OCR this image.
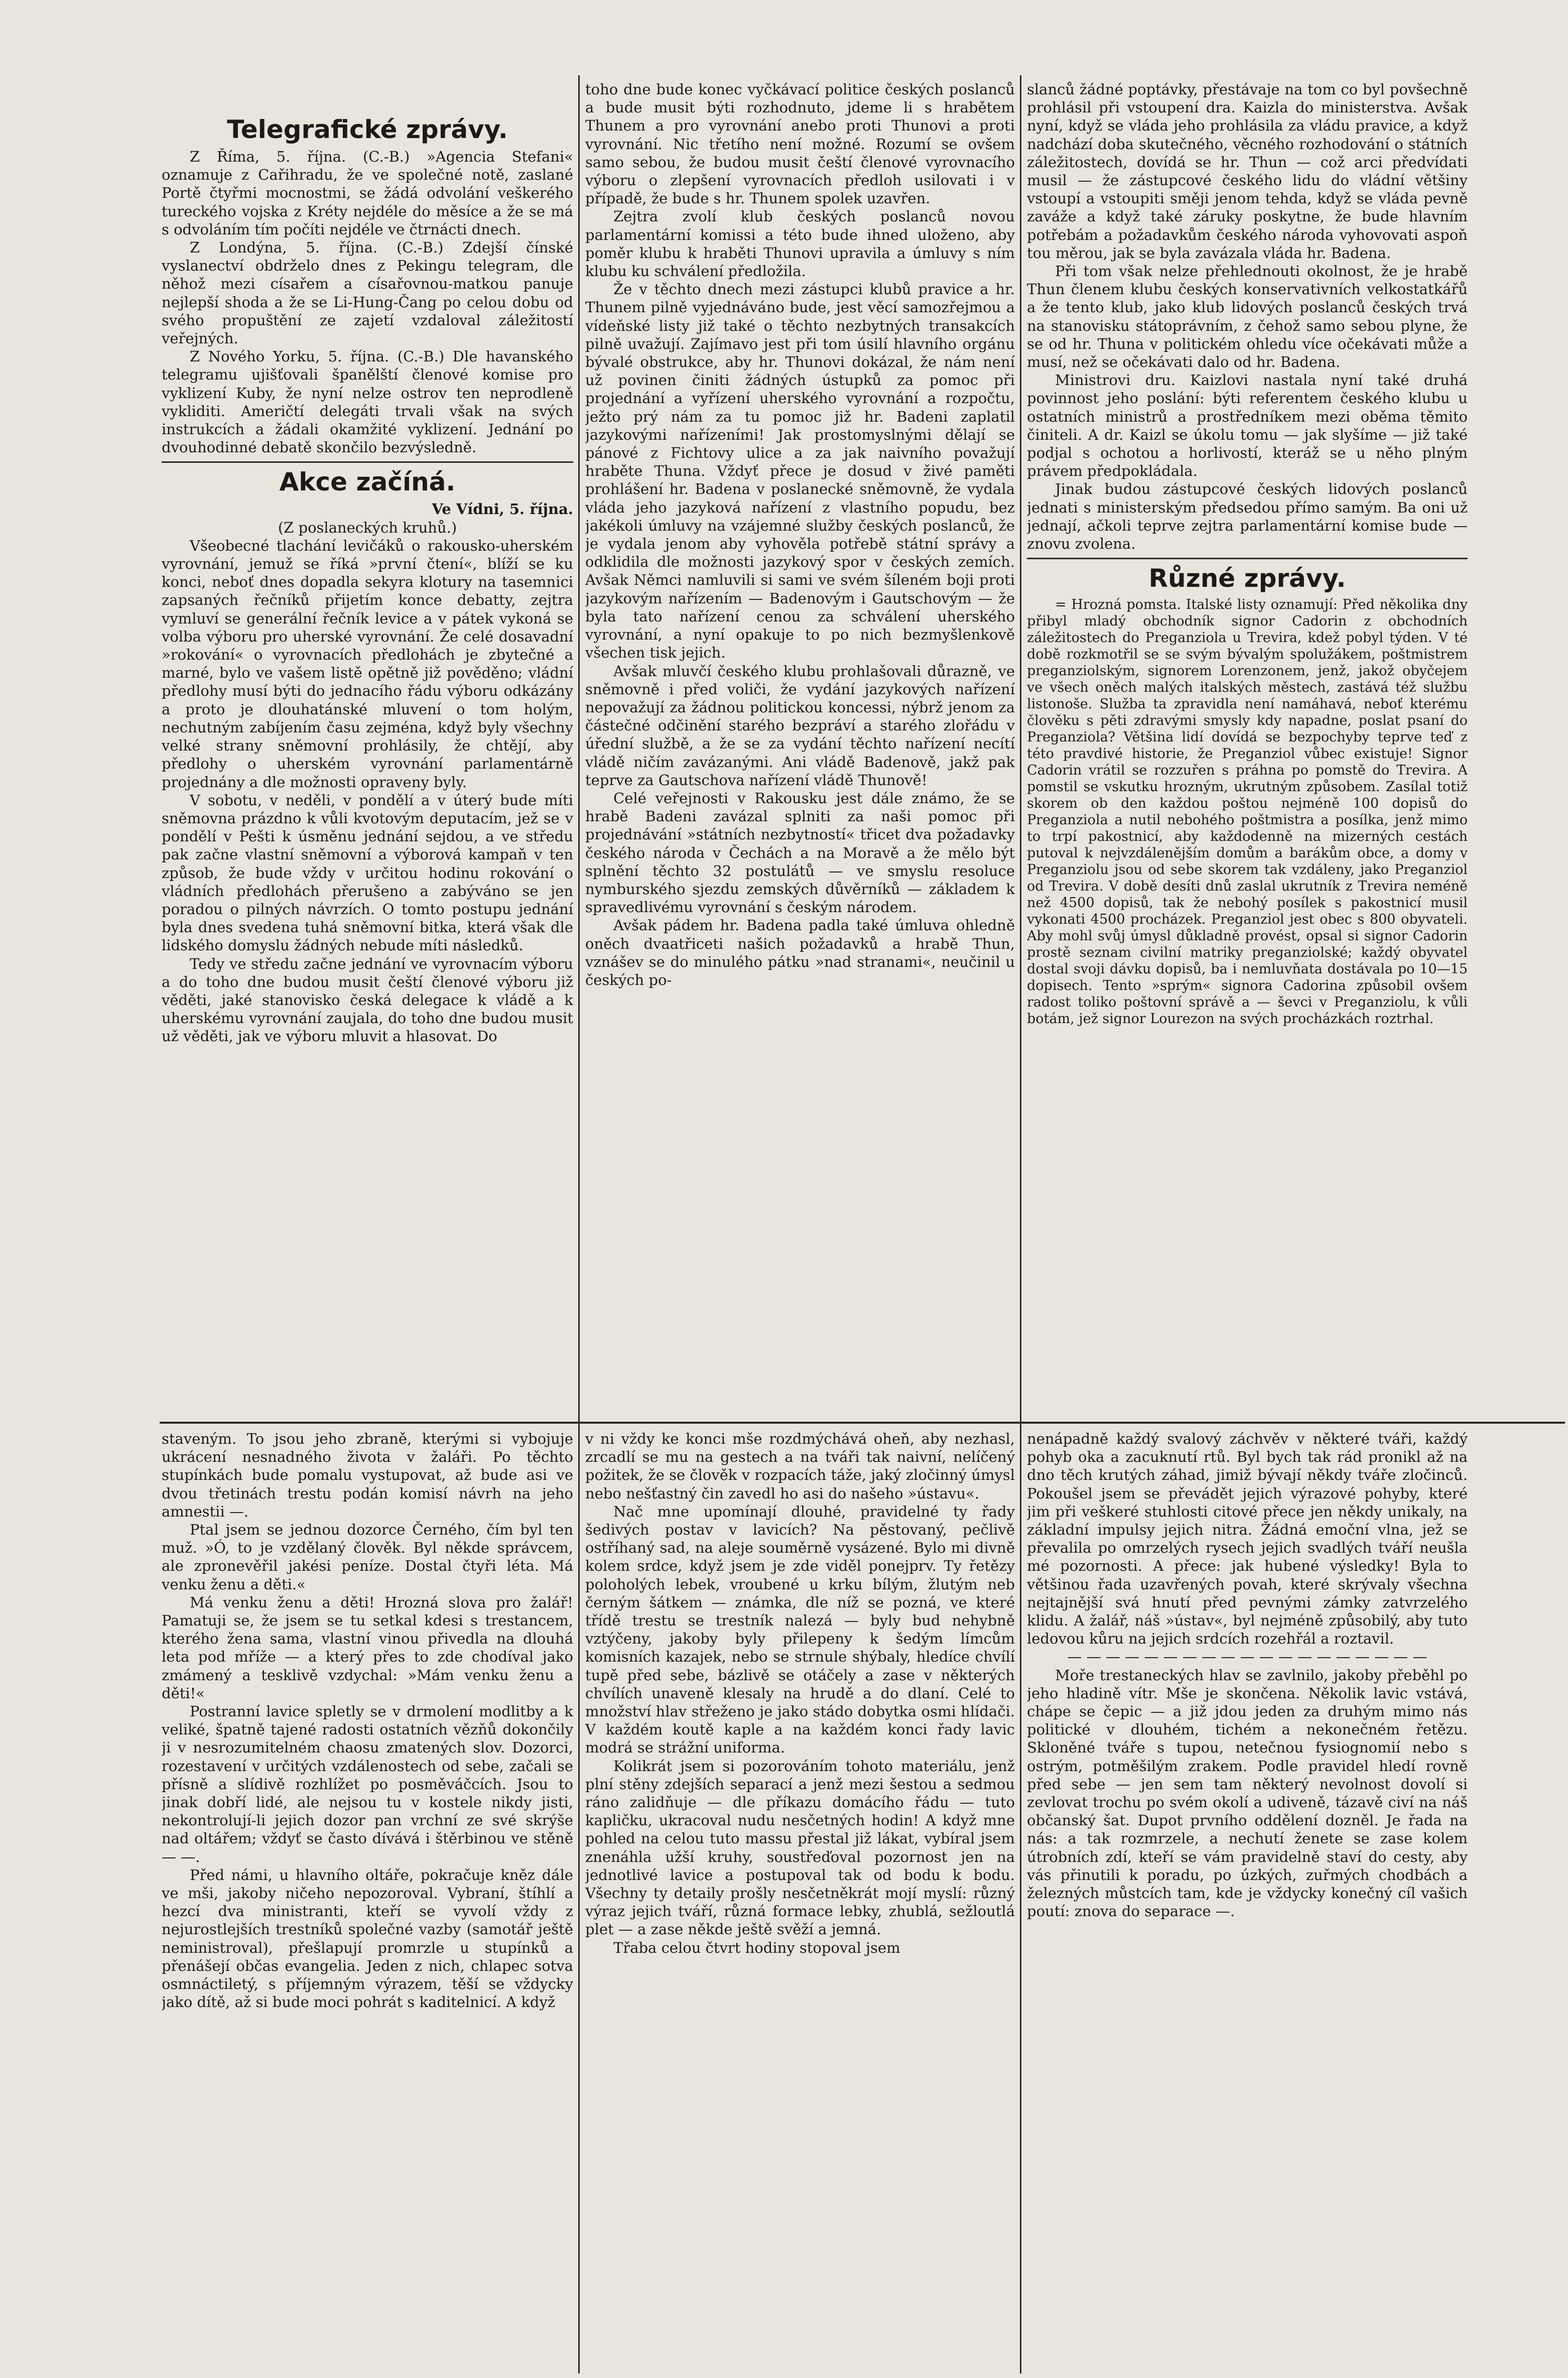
Telegrafické zprávy.

Z Říma, 5. října. (C.-B.) »Agencia Stefani« oznamuje z Cařihradu, že ve společné notě, zaslané Portě čtyřmi mocnostmi, se žádá odvolání veškerého tureckého vojska z Kréty nejdéle do měsíce a že se má s odvoláním tím počíti nejdéle ve čtrnácti dnech.

Z Londýna, 5. října. (C.-B.) Zdejší čínské vyslanectví obdrželo dnes z Pekingu telegram, dle něhož mezi císařem a císařovnou-matkou panuje nejlepší shoda a že se Li-Hung-Čang po celou dobu od svého propuštění ze zajetí vzdaloval záležitostí veřejných.

Z Nového Yorku, 5. října. (C.-B.) Dle havanského telegramu ujišťovali španělští členové komise pro vyklizení Kuby, že nyní nelze ostrov ten neprodleně vykliditi. Američtí delegáti trvali však na svých instrukcích a žádali okamžité vyklizení. Jednání po dvouhodinné debatě skončilo bezvýsledně.

Akce začíná.

Ve Vídni, 5. října.

(Z poslaneckých kruhů.)

Všeobecné tlachání levičáků o rakousko-uherském vyrovnání, jemuž se říká »první čtení«, blíží se ku konci, neboť dnes dopadla sekyra klotury na tasemnici zapsaných řečníků přijetím konce debatty, zejtra vymluví se generální řečník levice a v pátek vykoná se volba výboru pro uherské vyrovnání. Že celé dosavadní »rokování« o vyrovnacích předlohách je zbytečné a marné, bylo ve vašem listě opětně již pověděno; vládní předlohy musí býti do jednacího řádu výboru odkázány a proto je dlouhatánské mluvení o tom holým, nechutným zabíjením času zejména, když byly všechny velké strany sněmovní prohlásily, že chtějí, aby předlohy o uherském vyrovnání parlamentárně projednány a dle možnosti opraveny byly.

V sobotu, v neděli, v pondělí a v úterý bude míti sněmovna prázdno k vůli kvotovým deputacím, jež se v pondělí v Pešti k úsměnu jednání sejdou, a ve středu pak začne vlastní sněmovní a výborová kampaň v ten způsob, že bude vždy v určitou hodinu rokování o vládních předlohách přerušeno a zabýváno se jen poradou o pilných návrzích. O tomto postupu jednání byla dnes svedena tuhá sněmovní bitka, která však dle lidského domyslu žádných nebude míti následků.

Tedy ve středu začne jednání ve vyrovnacím výboru a do toho dne budou musit čeští členové výboru již věděti, jaké stanovisko česká delegace k vládě a k uherskému vyrovnání zaujala, do toho dne budou musit už věděti, jak ve výboru mluvit a hlasovat. Do

toho dne bude konec vyčkávací politice českých poslanců a bude musit býti rozhodnuto, jdeme li s hrabětem Thunem a pro vyrovnání anebo proti Thunovi a proti vyrovnání. Nic třetího není možné. Rozumí se ovšem samo sebou, že budou musit čeští členové vyrovnacího výboru o zlepšení vyrovnacích předloh usilovati i v případě, že bude s hr. Thunem spolek uzavřen.

Zejtra zvolí klub českých poslanců novou parlamentární komissi a této bude ihned uloženo, aby poměr klubu k hraběti Thunovi upravila a úmluvy s ním klubu ku schválení předložila.

Že v těchto dnech mezi zástupci klubů pravice a hr. Thunem pilně vyjednáváno bude, jest věcí samozřejmou a vídeňské listy již také o těchto nezbytných transakcích pilně uvažují. Zajímavo jest při tom úsilí hlavního orgánu bývalé obstrukce, aby hr. Thunovi dokázal, že nám není už povinen činiti žádných ústupků za pomoc při projednání a vyřízení uherského vyrovnání a rozpočtu, ježto prý nám za tu pomoc již hr. Badeni zaplatil jazykovými nařízeními! Jak prostomyslnými dělají se pánové z Fichtovy ulice a za jak naivního považují hraběte Thuna. Vždyť přece je dosud v živé paměti prohlášení hr. Badena v poslanecké sněmovně, že vydala vláda jeho jazyková nařízení z vlastního popudu, bez jakékoli úmluvy na vzájemné služby českých poslanců, že je vydala jenom aby vyhověla potřebě státní správy a odklidila dle možnosti jazykový spor v českých zemích. Avšak Němci namluvili si sami ve svém šíleném boji proti jazykovým nařízením — Badenovým i Gautschovým — že byla tato nařízení cenou za schválení uherského vyrovnání, a nyní opakuje to po nich bezmyšlenkově všechen tisk jejich.

Avšak mluvčí českého klubu prohlašovali důrazně, ve sněmovně i před voliči, že vydání jazykových nařízení nepovažují za žádnou politickou koncessi, nýbrž jenom za částečné odčinění starého bezpráví a starého zlořádu v úřední službě, a že se za vydání těchto nařízení necítí vládě ničím zavázanými. Ani vládě Badenově, jakž pak teprve za Gautschova nařízení vládě Thunově!

Celé veřejnosti v Rakousku jest dále známo, že se hrabě Badeni zavázal splniti za naši pomoc při projednávání »státních nezbytností« třicet dva požadavky českého národa v Čechách a na Moravě a že mělo být splnění těchto 32 postulátů — ve smyslu resoluce nymburského sjezdu zemských důvěrníků — základem k spravedlivému vyrovnání s českým národem.

Avšak pádem hr. Badena padla také úmluva ohledně oněch dvaatřiceti našich požadavků a hrabě Thun, vznášev se do minulého pátku »nad stranami«, neučinil u českých po-

slanců žádné poptávky, přestávaje na tom co byl povšechně prohlásil při vstoupení dra. Kaizla do ministerstva. Avšak nyní, když se vláda jeho prohlásila za vládu pravice, a když nadchází doba skutečného, věcného rozhodování o státních záležitostech, dovídá se hr. Thun — což arci předvídati musil — že zástupcové českého lidu do vládní většiny vstoupí a vstoupiti směji jenom tehda, když se vláda pevně zaváže a když také záruky poskytne, že bude hlavním potřebám a požadavkům českého národa vyhovovati aspoň tou měrou, jak se byla zavázala vláda hr. Badena.

Při tom však nelze přehlednouti okolnost, že je hrabě Thun členem klubu českých konservativních velkostatkářů a že tento klub, jako klub lidových poslanců českých trvá na stanovisku státoprávním, z čehož samo sebou plyne, že se od hr. Thuna v politickém ohledu více očekávati může a musí, než se očekávati dalo od hr. Badena.

Ministrovi dru. Kaizlovi nastala nyní také druhá povinnost jeho poslání: býti referentem českého klubu u ostatních ministrů a prostředníkem mezi oběma těmito činiteli. A dr. Kaizl se úkolu tomu — jak slyšíme — již také podjal s ochotou a horlivostí, kteráž se u něho plným právem předpokládala.

Jinak budou zástupcové českých lidových poslanců jednati s ministerským předsedou přímo samým. Ba oni už jednají, ačkoli teprve zejtra parlamentární komise bude — znovu zvolena.

Různé zprávy.

= Hrozná pomsta. Italské listy oznamují: Před několika dny přibyl mladý obchodník signor Cadorin z obchodních záležitostech do Preganziola u Trevira, kdež pobyl týden. V té době rozkmotřil se se svým bývalým spolužákem, poštmistrem preganziolským, signorem Lorenzonem, jenž, jakož obyčejem ve všech oněch malých italských městech, zastává též službu listonoše. Služba ta zpravidla není namáhavá, neboť kterému člověku s pěti zdravými smysly kdy napadne, poslat psaní do Preganziola? Většina lidí dovídá se bezpochyby teprve teď z této pravdivé historie, že Preganziol vůbec existuje! Signor Cadorin vrátil se rozzuřen s práhna po pomstě do Trevira. A pomstil se vskutku hrozným, ukrutným způsobem. Zasílal totiž skorem ob den každou poštou nejméně 100 dopisů do Preganziola a nutil nebohého poštmistra a posílka, jenž mimo to trpí pakostnicí, aby každodenně na mizerných cestách putoval k nejvzdálenějším domům a barákům obce, a domy v Preganziolu jsou od sebe skorem tak vzdáleny, jako Preganziol od Trevira. V době desíti dnů zaslal ukrutník z Trevira neméně než 4500 dopisů, tak že nebohý posílek s pakostnicí musil vykonati 4500 procházek. Preganziol jest obec s 800 obyvateli. Aby mohl svůj úmysl důkladně provést, opsal si signor Cadorin prostě seznam civilní matriky preganziolské; každý obyvatel dostal svoji dávku dopisů, ba i nemluvňata dostávala po 10—15 dopisech. Tento »sprým« signora Cadorina způsobil ovšem radost toliko poštovní správě a — ševci v Preganziolu, k vůli botám, jež signor Lourezon na svých procházkách roztrhal.

staveným. To jsou jeho zbraně, kterými si vybojuje ukrácení nesnadného života v žaláři. Po těchto stupínkách bude pomalu vystupovat, až bude asi ve dvou třetinách trestu podán komisí návrh na jeho amnestii —.

Ptal jsem se jednou dozorce Černého, čím byl ten muž. »Ó, to je vzdělaný člověk. Byl někde správcem, ale zpronevěřil jakési peníze. Dostal čtyři léta. Má venku ženu a děti.«

Má venku ženu a děti! Hrozná slova pro žalář! Pamatuji se, že jsem se tu setkal kdesi s trestancem, kterého žena sama, vlastní vinou přivedla na dlouhá leta pod mříže — a který přes to zde chodíval jako zmámený a tesklivě vzdychal: »Mám venku ženu a děti!«

Postranní lavice spletly se v drmolení modlitby a k veliké, špatně tajené radosti ostatních vězňů dokončily ji v nesrozumitelném chaosu zmatených slov. Dozorci, rozestavení v určitých vzdálenostech od sebe, začali se přísně a slídivě rozhlížet po posměváčcích. Jsou to jinak dobří lidé, ale nejsou tu v kostele nikdy jisti, nekontrolují-li jejich dozor pan vrchní ze své skrýše nad oltářem; vždyť se často dívává i štěrbinou ve stěně — —.

Před námi, u hlavního oltáře, pokračuje kněz dále ve mši, jakoby ničeho nepozoroval. Vybraní, štíhlí a hezcí dva ministranti, kteří se vyvolí vždy z nejurostlejších trestníků společné vazby (samotář ještě neministroval), přešlapují promrzle u stupínků a přenášejí občas evangelia. Jeden z nich, chlapec sotva osmnáctiletý, s příjemným výrazem, těší se vždycky jako dítě, až si bude moci pohrát s kaditelnicí. A když

v ni vždy ke konci mše rozdmýchává oheň, aby nezhasl, zrcadlí se mu na gestech a na tváři tak naivní, nelíčený požitek, že se člověk v rozpacích táže, jaký zločinný úmysl nebo nešťastný čin zavedl ho asi do našeho »ústavu«.

Nač mne upomínají dlouhé, pravidelné ty řady šedivých postav v lavicích? Na pěstovaný, pečlivě ostříhaný sad, na aleje souměrně vysázené. Bylo mi divně kolem srdce, když jsem je zde viděl ponejprv. Ty řetězy poloholých lebek, vroubené u krku bílým, žlutým neb černým šátkem — známka, dle níž se pozná, ve které třídě trestu se trestník nalezá — byly bud nehybně vztýčeny, jakoby byly přilepeny k šedým límcům komisních kazajek, nebo se strnule shýbaly, hledíce chvílí tupě před sebe, bázlivě se otáčely a zase v některých chvílích unaveně klesaly na hrudě a do dlaní. Celé to množství hlav střeženo je jako stádo dobytka osmi hlídači. V každém koutě kaple a na každém konci řady lavic modrá se strážní uniforma.

Kolikrát jsem si pozorováním tohoto materiálu, jenž plní stěny zdejších separací a jenž mezi šestou a sedmou ráno zalidňuje — dle příkazu domácího řádu — tuto kapličku, ukracoval nudu nesčetných hodin! A když mne pohled na celou tuto massu přestal již lákat, vybíral jsem znenáhla užší kruhy, soustřeďoval pozornost jen na jednotlivé lavice a postupoval tak od bodu k bodu. Všechny ty detaily prošly nesčetněkrát mojí myslí: různý výraz jejich tváří, různá formace lebky, zhublá, sežloutlá plet — a zase někde ještě svěží a jemná.

Třaba celou čtvrt hodiny stopoval jsem

nenápadně každý svalový záchvěv v některé tváři, každý pohyb oka a zacuknutí rtů. Byl bych tak rád pronikl až na dno těch krutých záhad, jimiž bývají někdy tváře zločinců. Pokoušel jsem se převádět jejich výrazové pohyby, které jim při veškeré stuhlosti citové přece jen někdy unikaly, na základní impulsy jejich nitra. Žádná emoční vlna, jež se převalila po omrzelých rysech jejich svadlých tváří neušla mé pozornosti. A přece: jak hubené výsledky! Byla to většinou řada uzavřených povah, které skrývaly všechna nejtajnější svá hnutí před pevnými zámky zatvrzelého klidu. A žalář, náš »ústav«, byl nejméně způsobilý, aby tuto ledovou kůru na jejich srdcích rozehřál a roztavil.

— — — — — — — — — — — — — — — — — — —

Moře trestaneckých hlav se zavlnilo, jakoby přeběhl po jeho hladině vítr. Mše je skončena. Několik lavic vstává, chápe se čepic — a již jdou jeden za druhým mimo nás politické v dlouhém, tichém a nekonečném řetězu. Skloněné tváře s tupou, netečnou fysiognomií nebo s ostrým, potměšilým zrakem. Podle pravidel hledí rovně před sebe — jen sem tam některý nevolnost dovolí si zevlovat trochu po svém okolí a udiveně, tázavě civí na náš občanský šat. Dupot prvního oddělení dozněl. Je řada na nás: a tak rozmrzele, a nechutí ženete se zase kolem útrobních zdí, kteří se vám pravidelně staví do cesty, aby vás přinutili k poradu, po úzkých, zuřmých chodbách a železných můstcích tam, kde je vždycky konečný cíl vašich poutí: znova do separace —.
